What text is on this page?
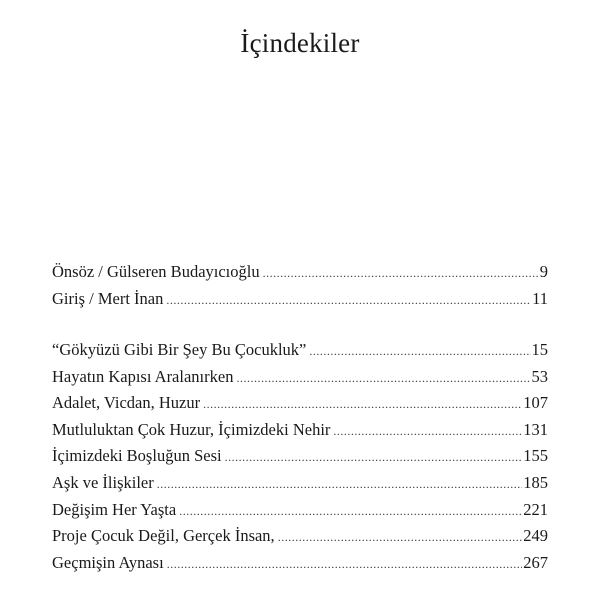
İçindekiler
Önsöz / Gülseren Budayıcıoğlu .....	9
Giriş / Mert İnan .....	11
“Gökyüzü Gibi Bir Şey Bu Çocukluk” .....	15
Hayatın Kapısı Aralanırken .....	53
Adalet, Vicdan, Huzur .....	107
Mutluluktan Çok Huzur, İçimizdeki Nehir .....	131
İçimizdeki Boşluğun Sesi .....	155
Aşk ve İlişkiler .....	185
Değişim Her Yaşta .....	221
Proje Çocuk Değil, Gerçek İnsan, .....	249
Geçmişin Aynası .....	267
